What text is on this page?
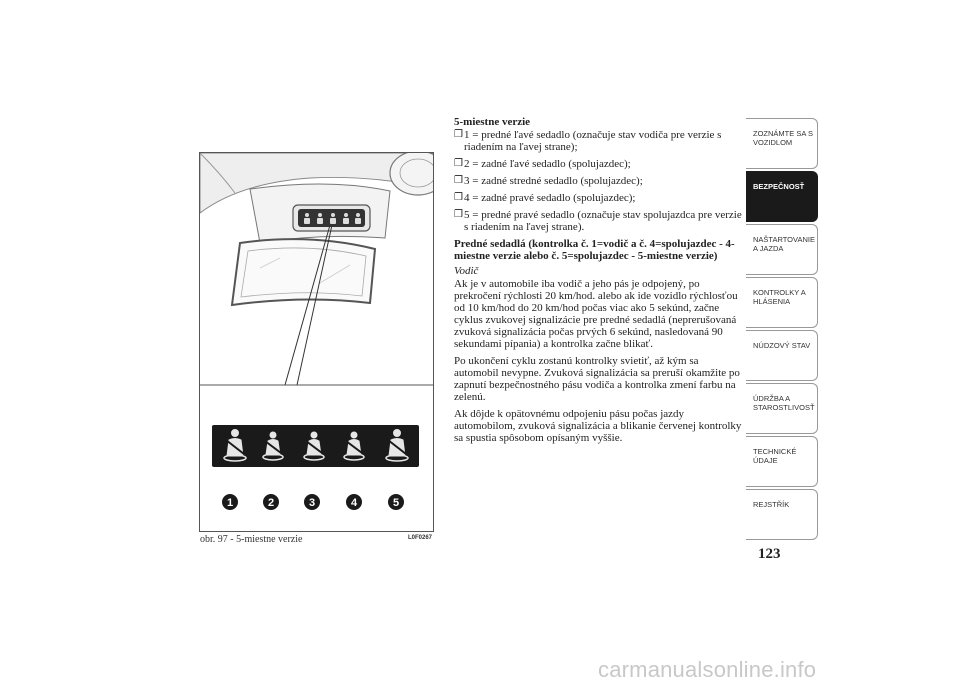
1	2	3	4	5
obr. 97 - 5-miestne verzie	L0F0267

5-miestne verzie

❒ 1 = predné ľavé sedadlo (označuje stav vodiča pre verzie s riadením na ľavej strane);
❒ 2 = zadné ľavé sedadlo (spolujazdec);
❒ 3 = zadné stredné sedadlo (spolujazdec);
❒ 4 = zadné pravé sedadlo (spolujazdec);
❒ 5 = predné pravé sedadlo (označuje stav spolujazdca pre verzie s riadením na ľavej strane).

Predné sedadlá (kontrolka č. 1=vodič a č. 4=spolujazdec - 4-miestne verzie alebo č. 5=spolujazdec - 5-miestne verzie)

Vodič

Ak je v automobile iba vodič a jeho pás je odpojený, po prekročení rýchlosti 20 km/hod. alebo ak ide vozidlo rýchlosťou od 10 km/hod do 20 km/hod počas viac ako 5 sekúnd, začne cyklus zvukovej signalizácie pre predné sedadlá (neprerušovaná zvuková signalizácia počas prvých 6 sekúnd, nasledovaná 90 sekundami pípania) a kontrolka začne blikať.

Po ukončení cyklu zostanú kontrolky svietiť, až kým sa automobil nevypne. Zvuková signalizácia sa preruší okamžite po zapnutí bezpečnostného pásu vodiča a kontrolka zmení farbu na zelenú.

Ak dôjde k opätovnému odpojeniu pásu počas jazdy automobilom, zvuková signalizácia a blikanie červenej kontrolky sa spustia spôsobom opísaným vyššie.

ZOZNÁMTE SA S VOZIDLOM
BEZPEČNOSŤ
NAŠTARTOVANIE A JAZDA
KONTROLKY A HLÁSENIA
NÚDZOVÝ STAV
ÚDRŽBA A STAROSTLIVOSŤ
TECHNICKÉ ÚDAJE
REJSTŘÍK
123
carmanualsonline.info
